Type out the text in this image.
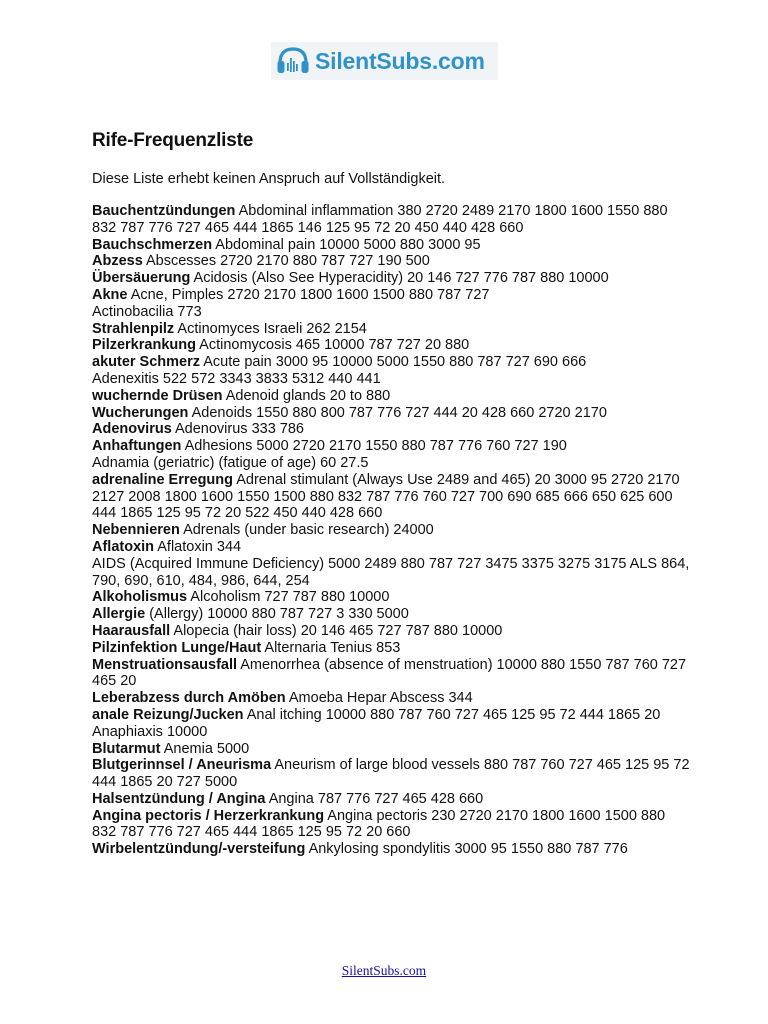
SilentSubs.com
Rife-Frequenzliste

Diese Liste erhebt keinen Anspruch auf Vollständigkeit.

Bauchentzündungen Abdominal inflammation 380 2720 2489 2170 1800 1600 1550 880 832 787 776 727 465 444 1865 146 125 95 72 20 450 440 428 660

Bauchschmerzen Abdominal pain 10000 5000 880 3000 95

Abzess Abscesses 2720 2170 880 787 727 190 500

Übersäuerung Acidosis (Also See Hyperacidity) 20 146 727 776 787 880 10000

Akne Acne, Pimples 2720 2170 1800 1600 1500 880 787 727

Actinobacilia 773

Strahlenpilz Actinomyces Israeli 262 2154

Pilzerkrankung Actinomycosis 465 10000 787 727 20 880

akuter Schmerz Acute pain 3000 95 10000 5000 1550 880 787 727 690 666

Adenexitis 522 572 3343 3833 5312 440 441

wuchernde Drüsen Adenoid glands 20 to 880

Wucherungen Adenoids 1550 880 800 787 776 727 444 20 428 660 2720 2170

Adenovirus Adenovirus 333 786

Anhaftungen Adhesions 5000 2720 2170 1550 880 787 776 760 727 190

Adnamia (geriatric) (fatigue of age) 60 27.5

adrenaline Erregung Adrenal stimulant (Always Use 2489 and 465) 20 3000 95 2720 2170 2127 2008 1800 1600 1550 1500 880 832 787 776 760 727 700 690 685 666 650 625 600 444 1865 125 95 72 20 522 450 440 428 660

Nebennieren Adrenals (under basic research) 24000

Aflatoxin Aflatoxin 344

AIDS (Acquired Immune Deficiency) 5000 2489 880 787 727 3475 3375 3275 3175 ALS 864, 790, 690, 610, 484, 986, 644, 254

Alkoholismus Alcoholism 727 787 880 10000

Allergie (Allergy) 10000 880 787 727 3 330 5000

Haarausfall Alopecia (hair loss) 20 146 465 727 787 880 10000

Pilzinfektion Lunge/Haut Alternaria Tenius 853

Menstruationsausfall Amenorrhea (absence of menstruation) 10000 880 1550 787 760 727 465 20

Leberabzess durch Amöben Amoeba Hepar Abscess 344

anale Reizung/Jucken Anal itching 10000 880 787 760 727 465 125 95 72 444 1865 20

Anaphiaxis 10000

Blutarmut Anemia 5000

Blutgerinnsel / Aneurisma Aneurism of large blood vessels 880 787 760 727 465 125 95 72 444 1865 20 727 5000

Halsentzündung / Angina Angina 787 776 727 465 428 660

Angina pectoris / Herzerkrankung Angina pectoris 230 2720 2170 1800 1600 1500 880 832 787 776 727 465 444 1865 125 95 72 20 660

Wirbelentzündung/-versteifung Ankylosing spondylitis 3000 95 1550 880 787 776

SilentSubs.com
